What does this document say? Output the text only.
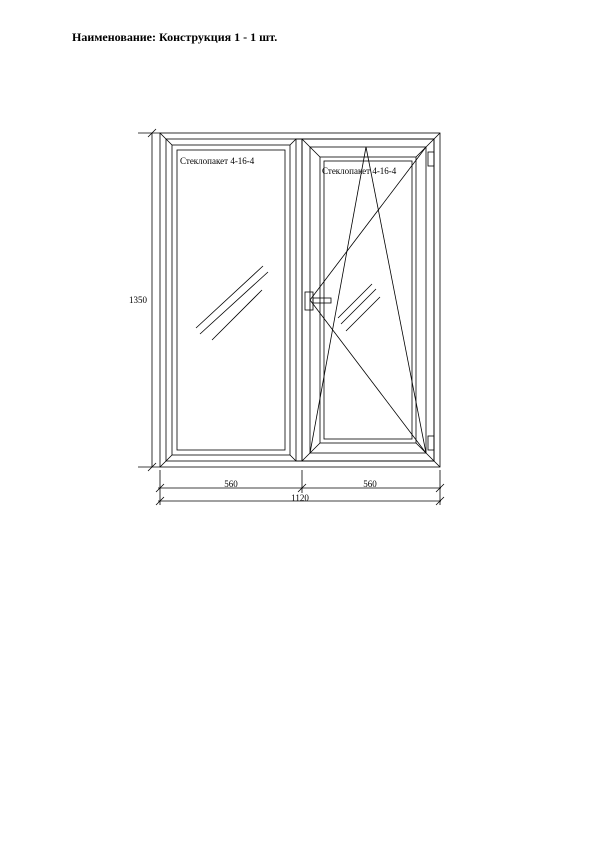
Наименование: Конструкция 1 - 1 шт.
Стеклопакет 4-16-4
Стеклопакет 4-16-4
1350
560	560
1120
